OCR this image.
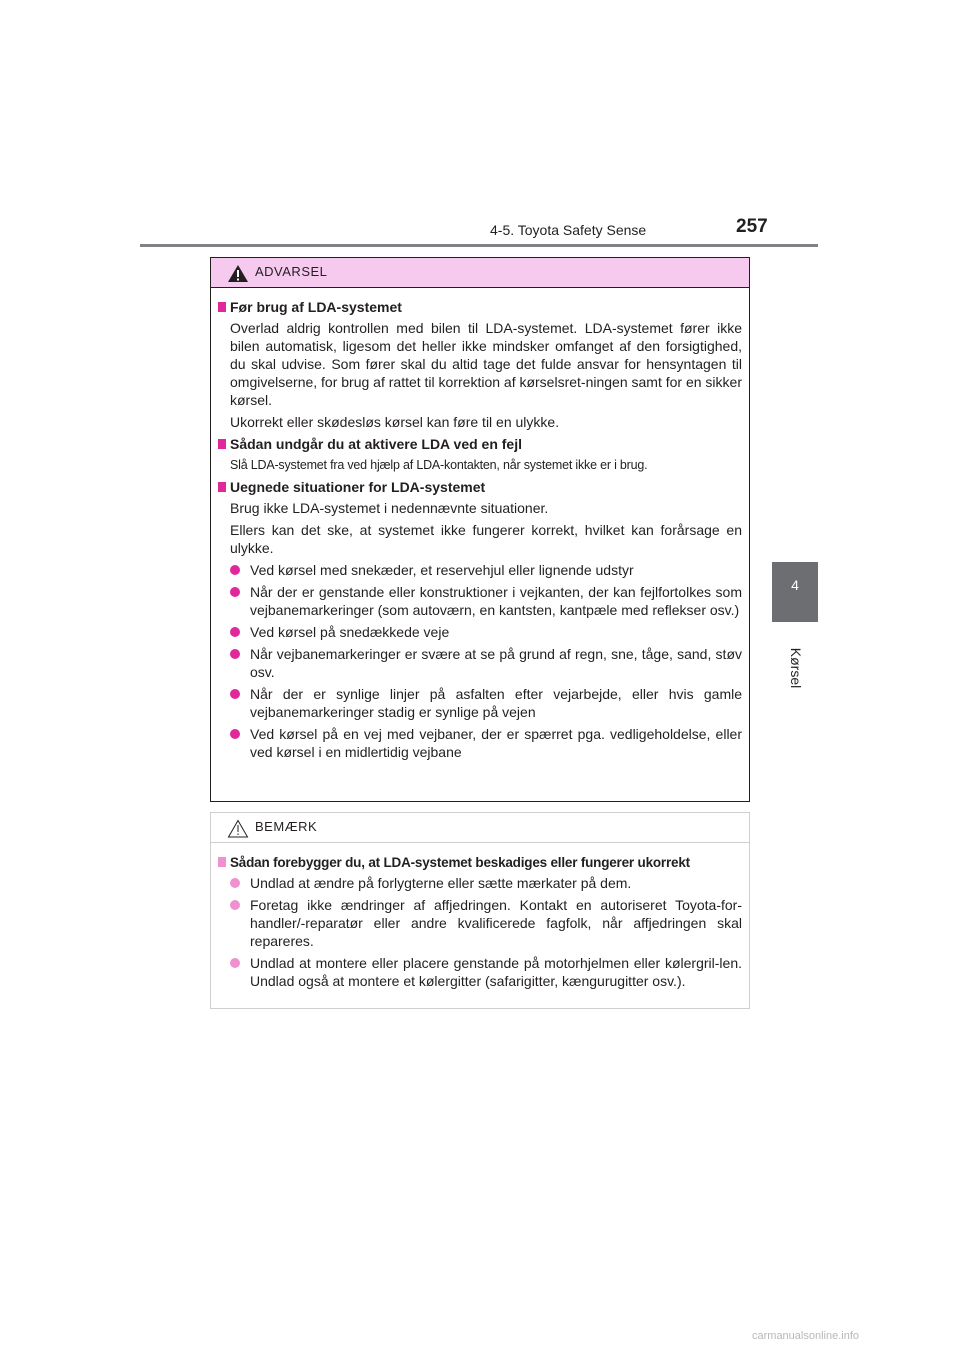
4-5. Toyota Safety Sense	257
4
Kørsel
ADVARSEL
Før brug af LDA-systemet

Overlad aldrig kontrollen med bilen til LDA-systemet. LDA-systemet fører ikke bilen automatisk, ligesom det heller ikke mindsker omfanget af den forsigtighed, du skal udvise. Som fører skal du altid tage det fulde ansvar for hensyntagen til omgivelserne, for brug af rattet til korrektion af kørselsret-ningen samt for en sikker kørsel.

Ukorrekt eller skødesløs kørsel kan føre til en ulykke.

Sådan undgår du at aktivere LDA ved en fejl

Slå LDA-systemet fra ved hjælp af LDA-kontakten, når systemet ikke er i brug.

Uegnede situationer for LDA-systemet

Brug ikke LDA-systemet i nedennævnte situationer.

Ellers kan det ske, at systemet ikke fungerer korrekt, hvilket kan forårsage en ulykke.

Ved kørsel med snekæder, et reservehjul eller lignende udstyr
Når der er genstande eller konstruktioner i vejkanten, der kan fejlfortolkes som vejbanemarkeringer (som autoværn, en kantsten, kantpæle med reflekser osv.)
Ved kørsel på snedækkede veje
Når vejbanemarkeringer er svære at se på grund af regn, sne, tåge, sand, støv osv.
Når der er synlige linjer på asfalten efter vejarbejde, eller hvis gamle vejbanemarkeringer stadig er synlige på vejen
Ved kørsel på en vej med vejbaner, der er spærret pga. vedligeholdelse, eller ved kørsel i en midlertidig vejbane
BEMÆRK
Sådan forebygger du, at LDA-systemet beskadiges eller fungerer ukorrekt
Undlad at ændre på forlygterne eller sætte mærkater på dem.
Foretag ikke ændringer af affjedringen. Kontakt en autoriseret Toyota-for-handler/-reparatør eller andre kvalificerede fagfolk, når affjedringen skal repareres.
Undlad at montere eller placere genstande på motorhjelmen eller kølergril-len. Undlad også at montere et kølergitter (safarigitter, kængurugitter osv.).
carmanualsonline.info
